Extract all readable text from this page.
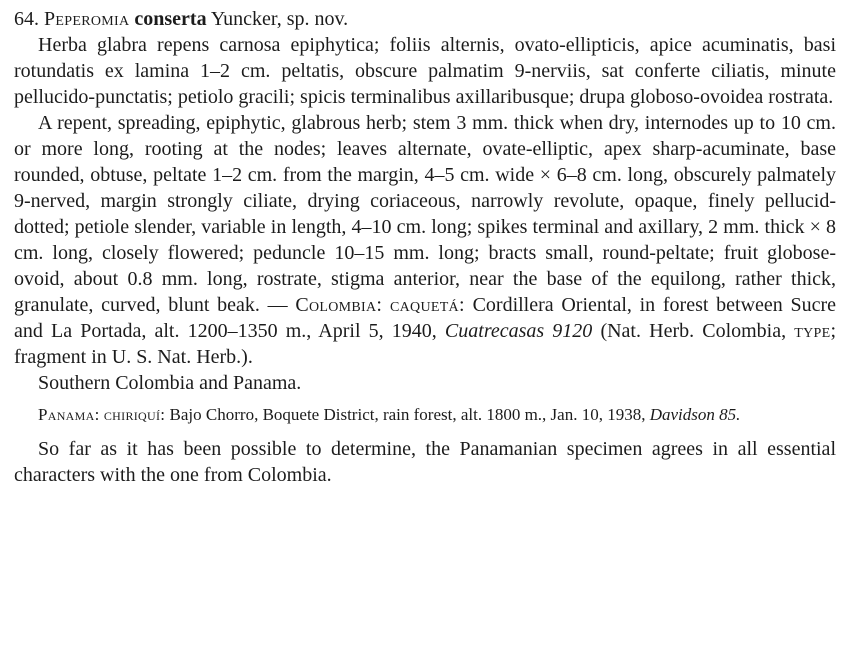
64. Peperomia conserta Yuncker, sp. nov.

Herba glabra repens carnosa epiphytica; foliis alternis, ovato-ellipticis, apice acuminatis, basi rotundatis ex lamina 1–2 cm. peltatis, obscure palmatim 9-nerviis, sat conferte ciliatis, minute pellucido-punctatis; petiolo gracili; spicis terminalibus axillaribusque; drupa globoso-ovoidea rostrata.

A repent, spreading, epiphytic, glabrous herb; stem 3 mm. thick when dry, internodes up to 10 cm. or more long, rooting at the nodes; leaves alternate, ovate-elliptic, apex sharp-acuminate, base rounded, obtuse, peltate 1–2 cm. from the margin, 4–5 cm. wide × 6–8 cm. long, obscurely palmately 9-nerved, margin strongly ciliate, drying coriaceous, narrowly revolute, opaque, finely pellucid-dotted; petiole slender, variable in length, 4–10 cm. long; spikes terminal and axillary, 2 mm. thick × 8 cm. long, closely flowered; peduncle 10–15 mm. long; bracts small, round-peltate; fruit globose-ovoid, about 0.8 mm. long, rostrate, stigma anterior, near the base of the equilong, rather thick, granulate, curved, blunt beak. — Colombia: caquetá: Cordillera Oriental, in forest between Sucre and La Portada, alt. 1200–1350 m., April 5, 1940, Cuatrecasas 9120 (Nat. Herb. Colombia, type; fragment in U. S. Nat. Herb.).

Southern Colombia and Panama.

Panama: chiriquí: Bajo Chorro, Boquete District, rain forest, alt. 1800 m., Jan. 10, 1938, Davidson 85.

So far as it has been possible to determine, the Panamanian specimen agrees in all essential characters with the one from Colombia.
